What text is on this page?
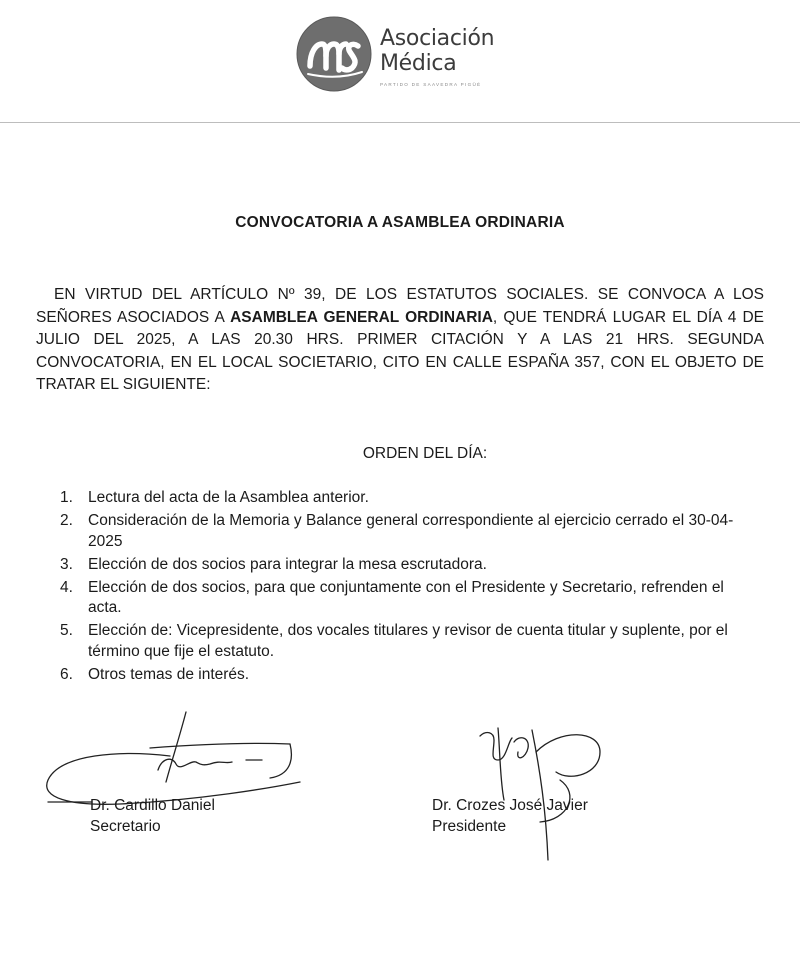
Asociación
Médica
PARTIDO DE SAAVEDRA PIGÜÉ
CONVOCATORIA A ASAMBLEA ORDINARIA
EN VIRTUD DEL ARTÍCULO Nº 39, DE LOS ESTATUTOS SOCIALES. SE CONVOCA A LOS SEÑORES ASOCIADOS A ASAMBLEA GENERAL ORDINARIA, QUE TENDRÁ LUGAR EL DÍA 4 DE JULIO DEL 2025, A LAS 20.30 HRS. PRIMER CITACIÓN Y A LAS 21 HRS. SEGUNDA CONVOCATORIA, EN EL LOCAL SOCIETARIO, CITO EN CALLE ESPAÑA 357, CON EL OBJETO DE TRATAR EL SIGUIENTE:
ORDEN DEL DÍA:
1. Lectura del acta de la Asamblea anterior.
2. Consideración de la Memoria y Balance general correspondiente al ejercicio cerrado el 30-04-2025
3. Elección de dos socios para integrar la mesa escrutadora.
4. Elección de dos socios, para que conjuntamente con el Presidente y Secretario, refrenden el acta.
5. Elección de: Vicepresidente, dos vocales titulares y revisor de cuenta titular y suplente, por el término que fije el estatuto.
6. Otros temas de interés.
Dr. Cardillo Daniel
Secretario
Dr. Crozes José Javier
Presidente
